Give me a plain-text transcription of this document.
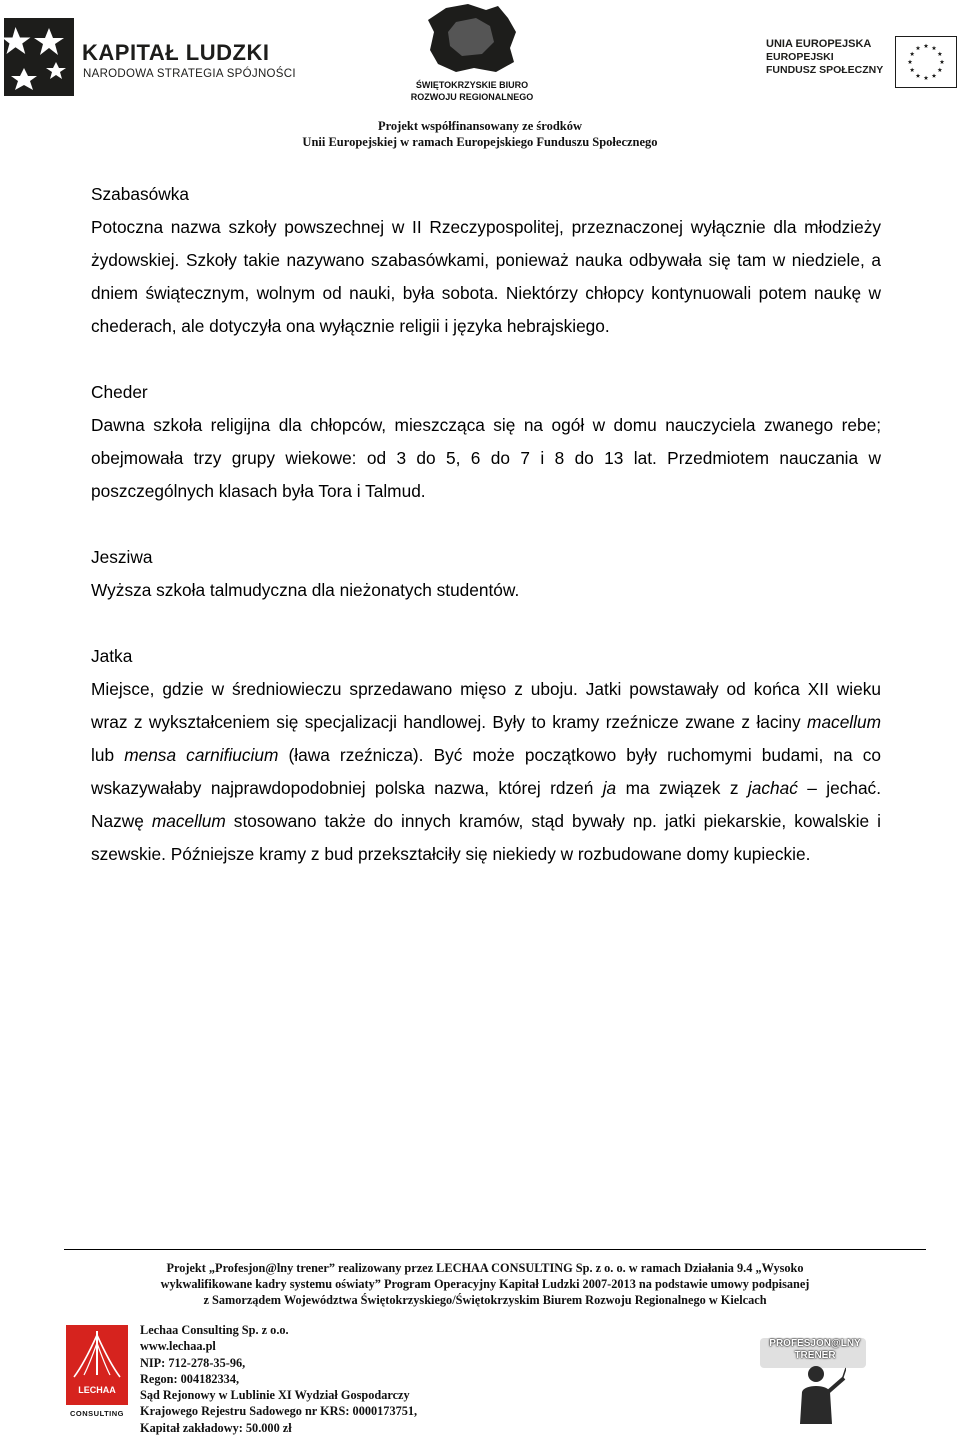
KAPITAŁ LUDZKI
NARODOWA STRATEGIA SPÓJNOŚCI
ŚWIĘTOKRZYSKIE BIURO
ROZWOJU REGIONALNEGO
UNIA EUROPEJSKA
EUROPEJSKI
FUNDUSZ SPOŁECZNY
Projekt współfinansowany ze środków
Unii Europejskiej w ramach Europejskiego Funduszu Społecznego
Szabasówka

Potoczna nazwa szkoły powszechnej w II Rzeczypospolitej, przeznaczonej wyłącznie dla młodzieży żydowskiej. Szkoły takie nazywano szabasówkami, ponieważ nauka odbywała się tam w niedziele, a dniem świątecznym, wolnym od nauki, była sobota. Niektórzy chłopcy kontynuowali potem naukę w chederach, ale dotyczyła ona wyłącznie religii i języka hebrajskiego.

Cheder

Dawna szkoła religijna dla chłopców, mieszcząca się na ogół w domu nauczyciela zwanego rebe; obejmowała trzy grupy wiekowe: od 3 do 5, 6 do 7 i 8 do 13 lat. Przedmiotem nauczania w poszczególnych klasach była Tora i Talmud.

Jesziwa

Wyższa szkoła talmudyczna dla nieżonatych studentów.

Jatka

Miejsce, gdzie w średniowieczu sprzedawano mięso z uboju. Jatki powstawały od końca XII wieku wraz z wykształceniem się specjalizacji handlowej. Były to kramy rzeźnicze zwane z łaciny macellum lub mensa carnifiucium (ława rzeźnicza). Być może początkowo były ruchomymi budami, na co wskazywałaby najprawdopodobniej polska nazwa, której rdzeń ja ma związek z jachać – jechać. Nazwę macellum stosowano także do innych kramów, stąd bywały np. jatki piekarskie, kowalskie i szewskie. Późniejsze kramy z bud przekształciły się niekiedy w rozbudowane domy kupieckie.

Projekt „Profesjon@lny trener” realizowany przez LECHAA CONSULTING Sp. z o. o. w ramach Działania 9.4 „Wysoko
wykwalifikowane kadry systemu oświaty” Program Operacyjny Kapitał Ludzki 2007-2013 na podstawie umowy podpisanej
z Samorządem Województwa Świętokrzyskiego/Świętokrzyskim Biurem Rozwoju Regionalnego w Kielcach
LECHAA
CONSULTING
Lechaa Consulting Sp. z o.o.
www.lechaa.pl
NIP: 712-278-35-96,
Regon: 004182334,
Sąd Rejonowy w Lublinie XI Wydział Gospodarczy
Krajowego Rejestru Sadowego nr KRS: 0000173751,
Kapitał zakładowy: 50.000 zł
PROFESJON@LNY
TRENER
